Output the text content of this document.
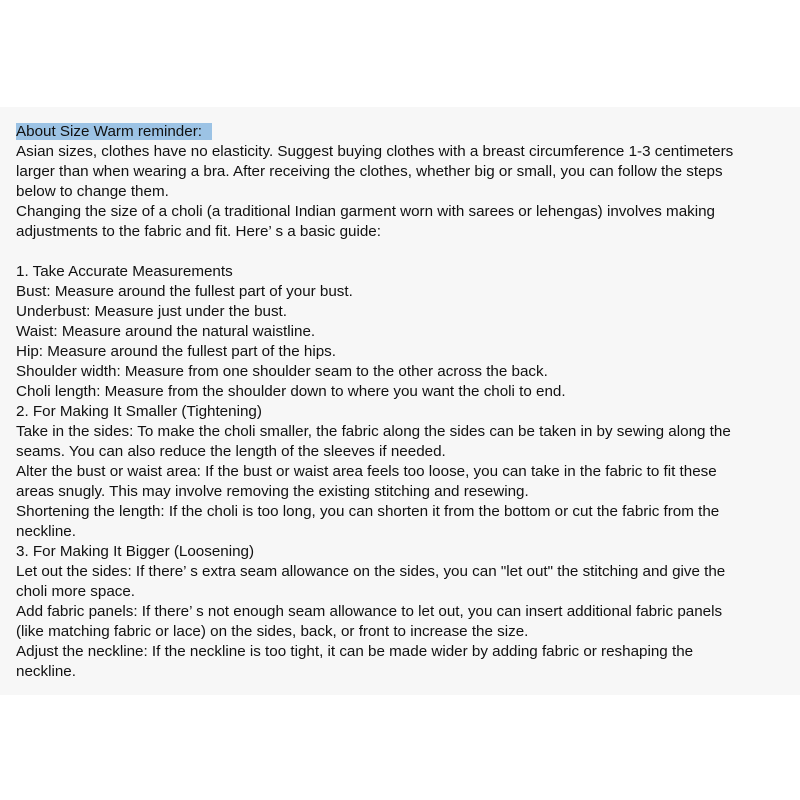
About Size Warm reminder:
Asian sizes, clothes have no elasticity. Suggest buying clothes with a breast circumference 1-3 centimeters
larger than when wearing a bra. After receiving the clothes, whether big or small, you can follow the steps
below to change them.
Changing the size of a choli (a traditional Indian garment worn with sarees or lehengas) involves making
adjustments to the fabric and fit. Here’ s a basic guide:
1. Take Accurate Measurements
Bust: Measure around the fullest part of your bust.
Underbust: Measure just under the bust.
Waist: Measure around the natural waistline.
Hip: Measure around the fullest part of the hips.
Shoulder width: Measure from one shoulder seam to the other across the back.
Choli length: Measure from the shoulder down to where you want the choli to end.
2. For Making It Smaller (Tightening)
Take in the sides: To make the choli smaller, the fabric along the sides can be taken in by sewing along the
seams. You can also reduce the length of the sleeves if needed.
Alter the bust or waist area: If the bust or waist area feels too loose, you can take in the fabric to fit these
areas snugly. This may involve removing the existing stitching and resewing.
Shortening the length: If the choli is too long, you can shorten it from the bottom or cut the fabric from the
neckline.
3. For Making It Bigger (Loosening)
Let out the sides: If there’ s extra seam allowance on the sides, you can "let out" the stitching and give the
choli more space.
Add fabric panels: If there’ s not enough seam allowance to let out, you can insert additional fabric panels
(like matching fabric or lace) on the sides, back, or front to increase the size.
Adjust the neckline: If the neckline is too tight, it can be made wider by adding fabric or reshaping the
neckline.
